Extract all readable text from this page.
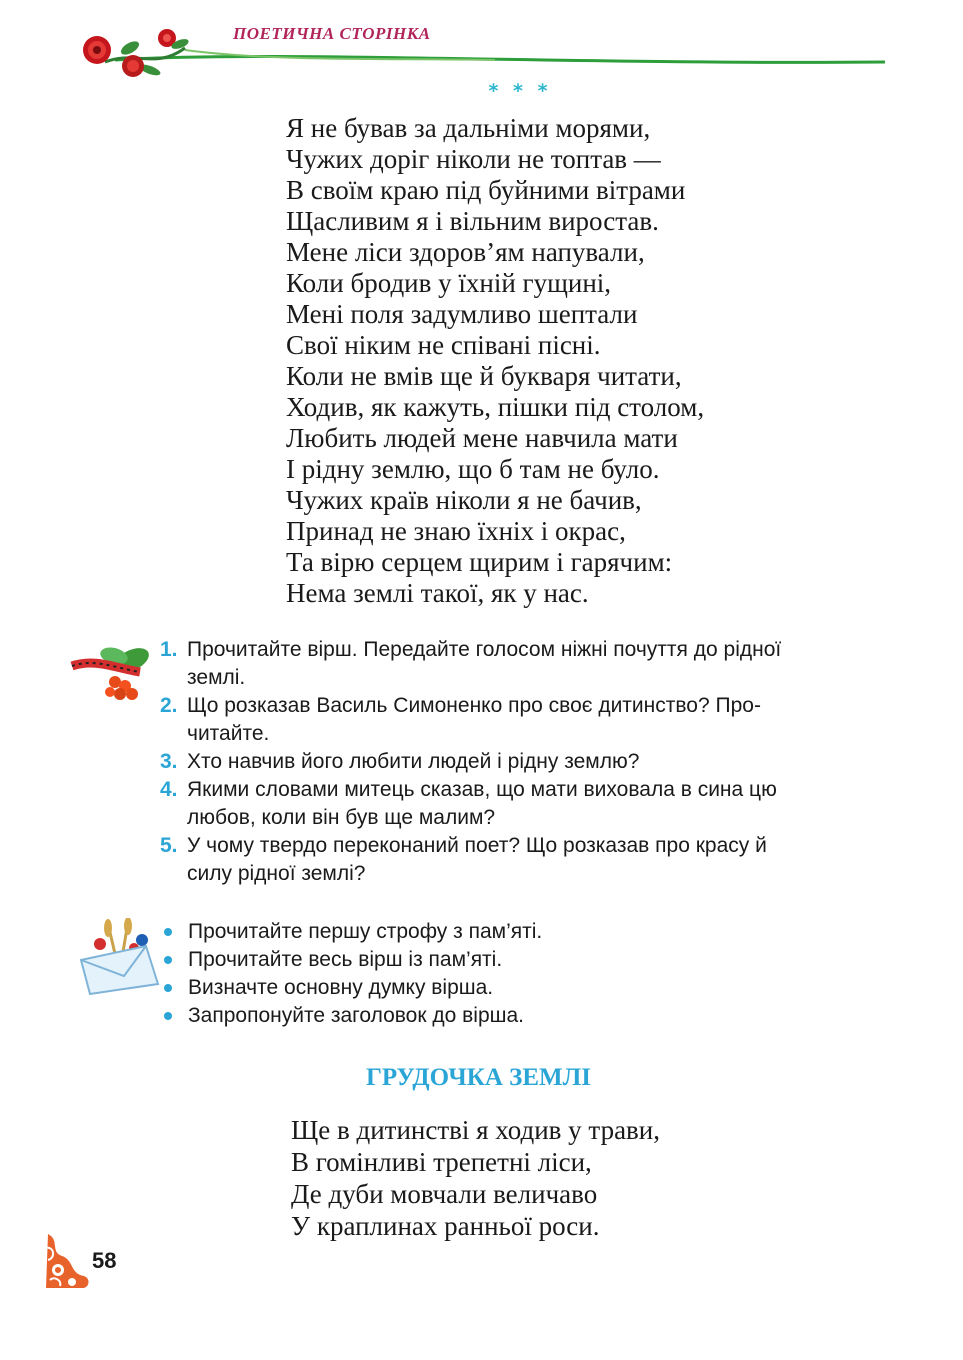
ПОЕТИЧНА СТОРІНКА
* * *
Я не бував за дальніми морями,
Чужих доріг ніколи не топтав —
В своїм краю під буйними вітрами
Щасливим я і вільним виростав.
Мене ліси здоров’ям напували,
Коли бродив у їхній гущині,
Мені поля задумливо шептали
Свої ніким не співані пісні.
Коли не вмів ще й букваря читати,
Ходив, як кажуть, пішки під столом,
Любить людей мене навчила мати
І рідну землю, що б там не було.
Чужих країв ніколи я не бачив,
Принад не знаю їхніх і окрас,
Та вірю серцем щирим і гарячим:
Нема землі такої, як у нас.
1. Прочитайте вірш. Передайте голосом ніжні почуття до рідної
землі.
2. Що розказав Василь Симоненко про своє дитинство? Про-
читайте.
3. Хто навчив його любити людей і рідну землю?
4. Якими словами митець сказав, що мати виховала в сина цю
любов, коли він був ще малим?
5. У чому твердо переконаний поет? Що розказав про красу й
силу рідної землі?
Прочитайте першу строфу з пам’яті.
Прочитайте весь вірш із пам’яті.
Визначте основну думку вірша.
Запропонуйте заголовок до вірша.
ГРУДОЧКА ЗЕМЛІ
Ще в дитинстві я ходив у трави,
В гомінливі трепетні ліси,
Де дуби мовчали величаво
У краплинах ранньої роси.
58
